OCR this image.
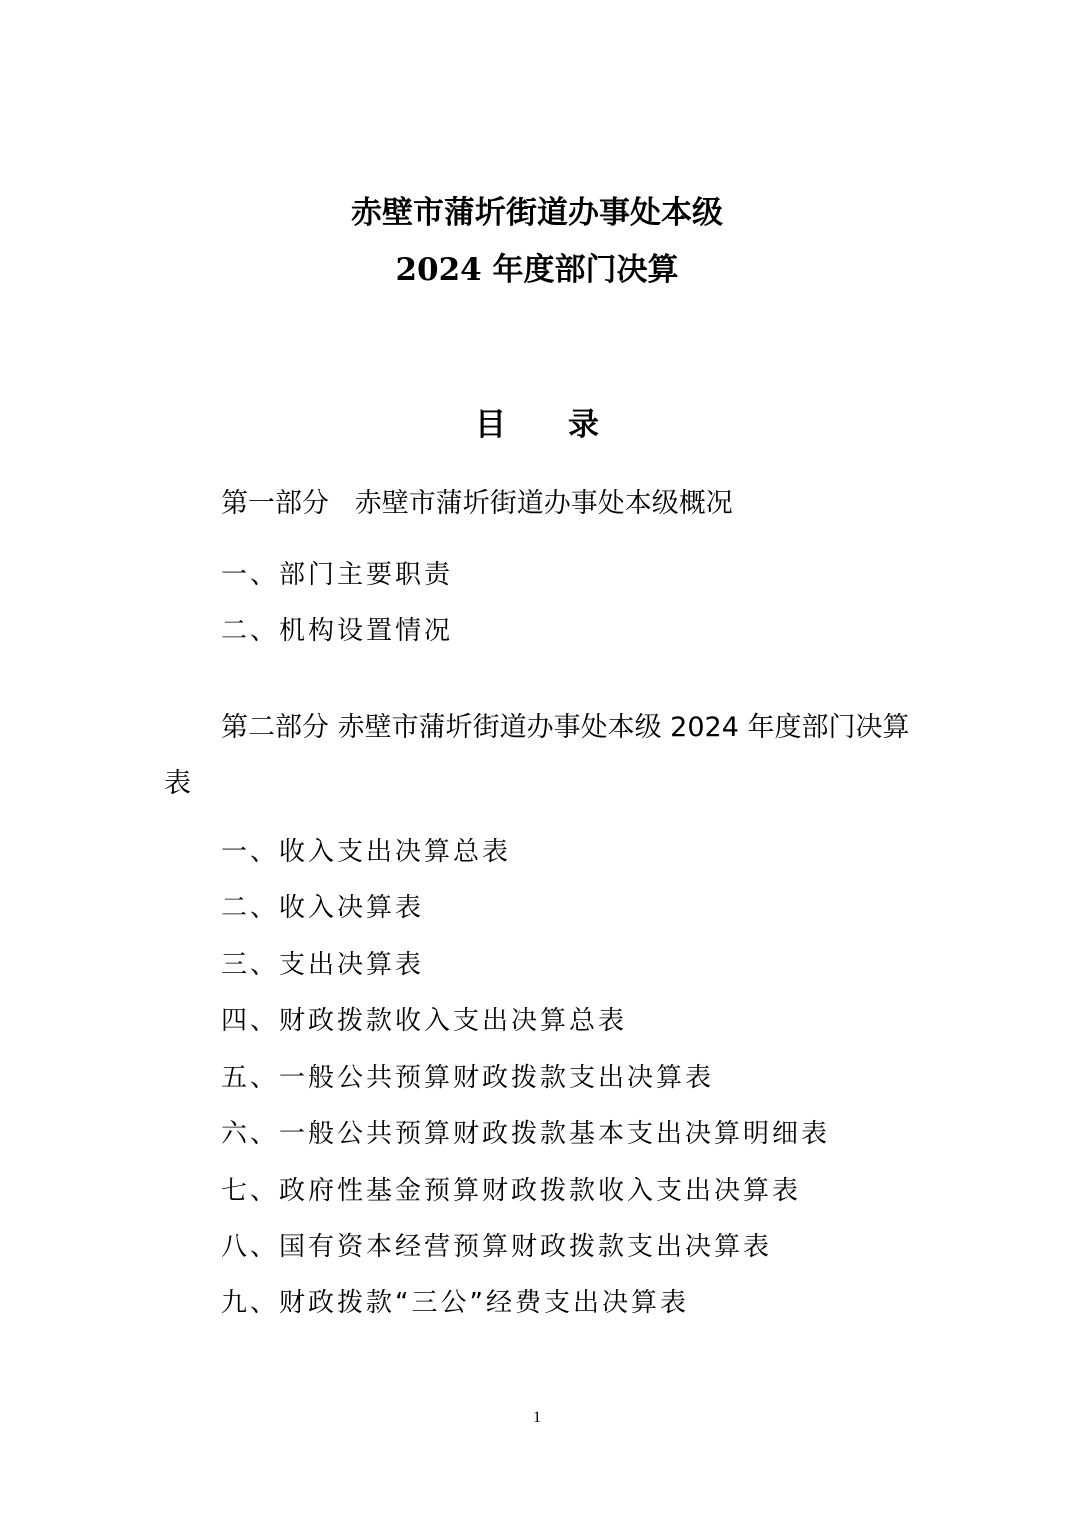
赤壁市蒲圻街道办事处本级
2024 年度部门决算
目 录
第一部分   赤壁市蒲圻街道办事处本级概况
一、部门主要职责
二、机构设置情况
第二部分 赤壁市蒲圻街道办事处本级 2024 年度部门决算表
一、收入支出决算总表
二、收入决算表
三、支出决算表
四、财政拨款收入支出决算总表
五、一般公共预算财政拨款支出决算表
六、一般公共预算财政拨款基本支出决算明细表
七、政府性基金预算财政拨款收入支出决算表
八、国有资本经营预算财政拨款支出决算表
九、财政拨款“三公”经费支出决算表
1
